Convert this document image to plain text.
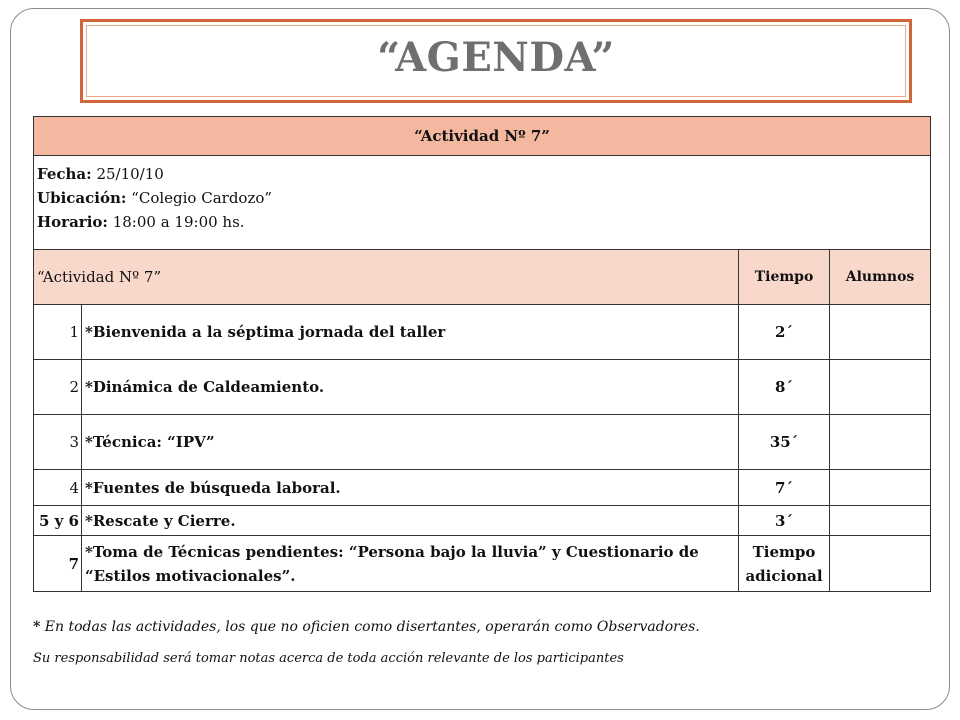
“AGENDA”
“Actividad Nº 7”			

Fecha: 25/10/10
Ubicación: “Colegio Cardozo”
Horario: 18:00 a 19:00 hs.			

“Actividad Nº 7”		Tiempo	Alumnos
1	*Bienvenida a la séptima jornada del taller	2´	
2	*Dinámica de Caldeamiento.	8´	
3	*Técnica: “IPV”	35´	
4	*Fuentes de búsqueda laboral.	7´	
5 y 6	*Rescate y Cierre.	3´	
7	*Toma de Técnicas pendientes: “Persona bajo la lluvia” y Cuestionario de “Estilos motivacionales”.	Tiempo adicional	
* En todas las actividades, los que no oficien como disertantes, operarán como Observadores.
Su responsabilidad será tomar notas acerca de toda acción relevante de los participantes
